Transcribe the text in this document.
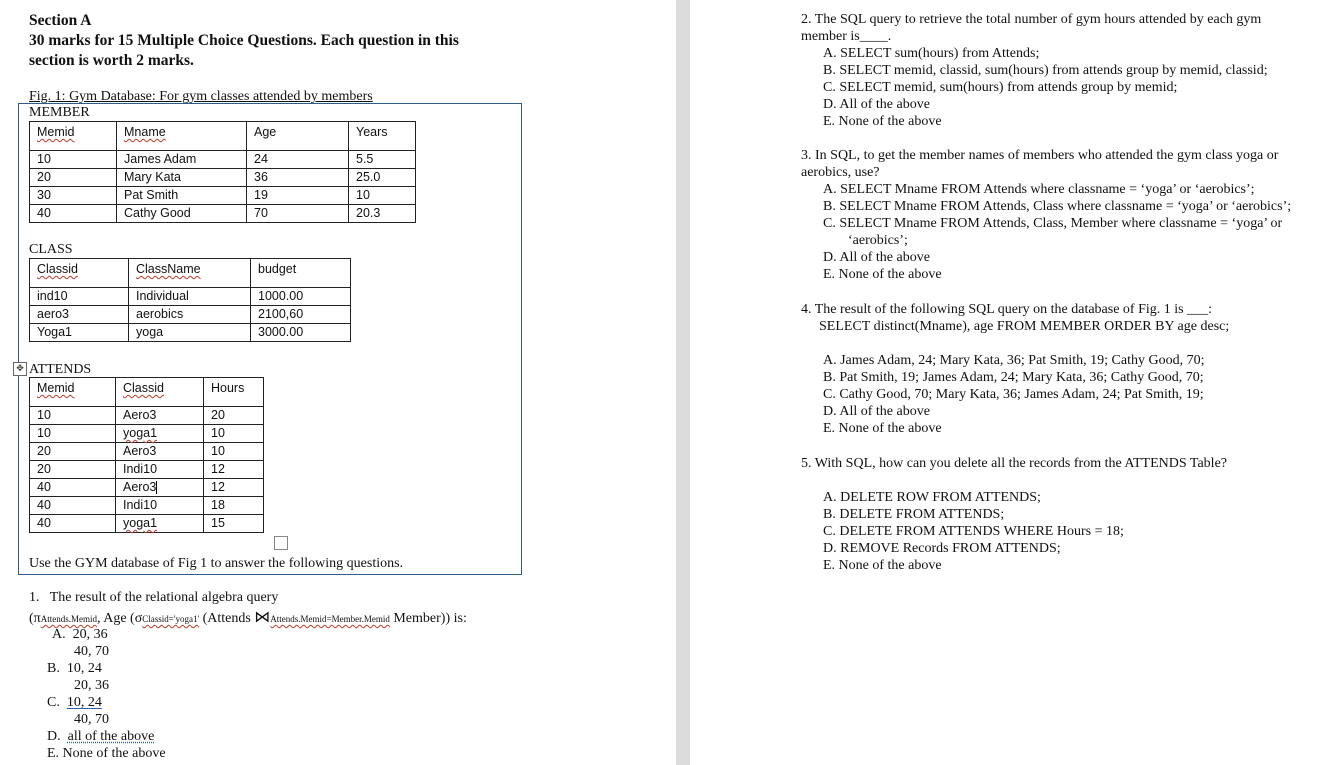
Section A
30 marks for 15 Multiple Choice Questions. Each question in this
section is worth 2 marks.
Fig. 1: Gym Database: For gym classes attended by members
MEMBER
Memid	Mname	Age	Years
10	James Adam	24	5.5
20	Mary Kata	36	25.0
30	Pat Smith	19	10
40	Cathy Good	70	20.3
CLASS
Classid	ClassName	budget
ind10	Individual	1000.00
aero3	aerobics	2100,60
Yoga1	yoga	3000.00
✥ ATTENDS
Memid	Classid	Hours
10	Aero3	20
10	yoga1	10
20	Aero3	10
20	Indi10	12
40	Aero3	12
40	Indi10	18
40	yoga1	15
Use the GYM database of Fig 1 to answer the following questions.
1. The result of the relational algebra query
(πAttends.Memid, Age (σClassid='yoga1' (Attends ⋈Attends.Memid=Member.Memid Member)) is:
A. 20, 36
40, 70
B. 10, 24
20, 36
C. 10, 24
40, 70
D. all of the above
E. None of the above
2. The SQL query to retrieve the total number of gym hours attended by each gym
member is____.
A. SELECT sum(hours) from Attends;
B. SELECT memid, classid, sum(hours) from attends group by memid, classid;
C. SELECT memid, sum(hours) from attends group by memid;
D. All of the above
E. None of the above
3. In SQL, to get the member names of members who attended the gym class yoga or
aerobics, use?
A. SELECT Mname FROM Attends where classname = ‘yoga’ or ‘aerobics’;
B. SELECT Mname FROM Attends, Class where classname = ‘yoga’ or ‘aerobics’;
C. SELECT Mname FROM Attends, Class, Member where classname = ‘yoga’ or
‘aerobics’;
D. All of the above
E. None of the above
4. The result of the following SQL query on the database of Fig. 1 is ___:
SELECT distinct(Mname), age FROM MEMBER ORDER BY age desc;
A. James Adam, 24; Mary Kata, 36; Pat Smith, 19; Cathy Good, 70;
B. Pat Smith, 19; James Adam, 24; Mary Kata, 36; Cathy Good, 70;
C. Cathy Good, 70; Mary Kata, 36; James Adam, 24; Pat Smith, 19;
D. All of the above
E. None of the above
5. With SQL, how can you delete all the records from the ATTENDS Table?
A. DELETE ROW FROM ATTENDS;
B. DELETE FROM ATTENDS;
C. DELETE FROM ATTENDS WHERE Hours = 18;
D. REMOVE Records FROM ATTENDS;
E. None of the above
